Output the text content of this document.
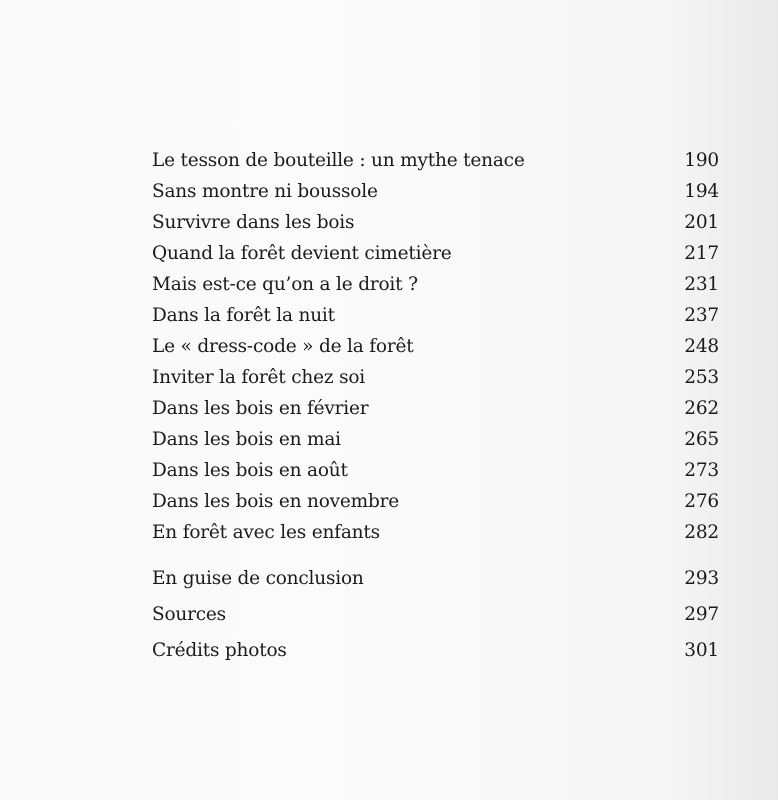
Le tesson de bouteille : un mythe tenace	190
Sans montre ni boussole	194
Survivre dans les bois	201
Quand la forêt devient cimetière	217
Mais est-ce qu’on a le droit ?	231
Dans la forêt la nuit	237
Le « dress-code » de la forêt	248
Inviter la forêt chez soi	253
Dans les bois en février	262
Dans les bois en mai	265
Dans les bois en août	273
Dans les bois en novembre	276
En forêt avec les enfants	282
En guise de conclusion	293
Sources	297
Crédits photos	301
